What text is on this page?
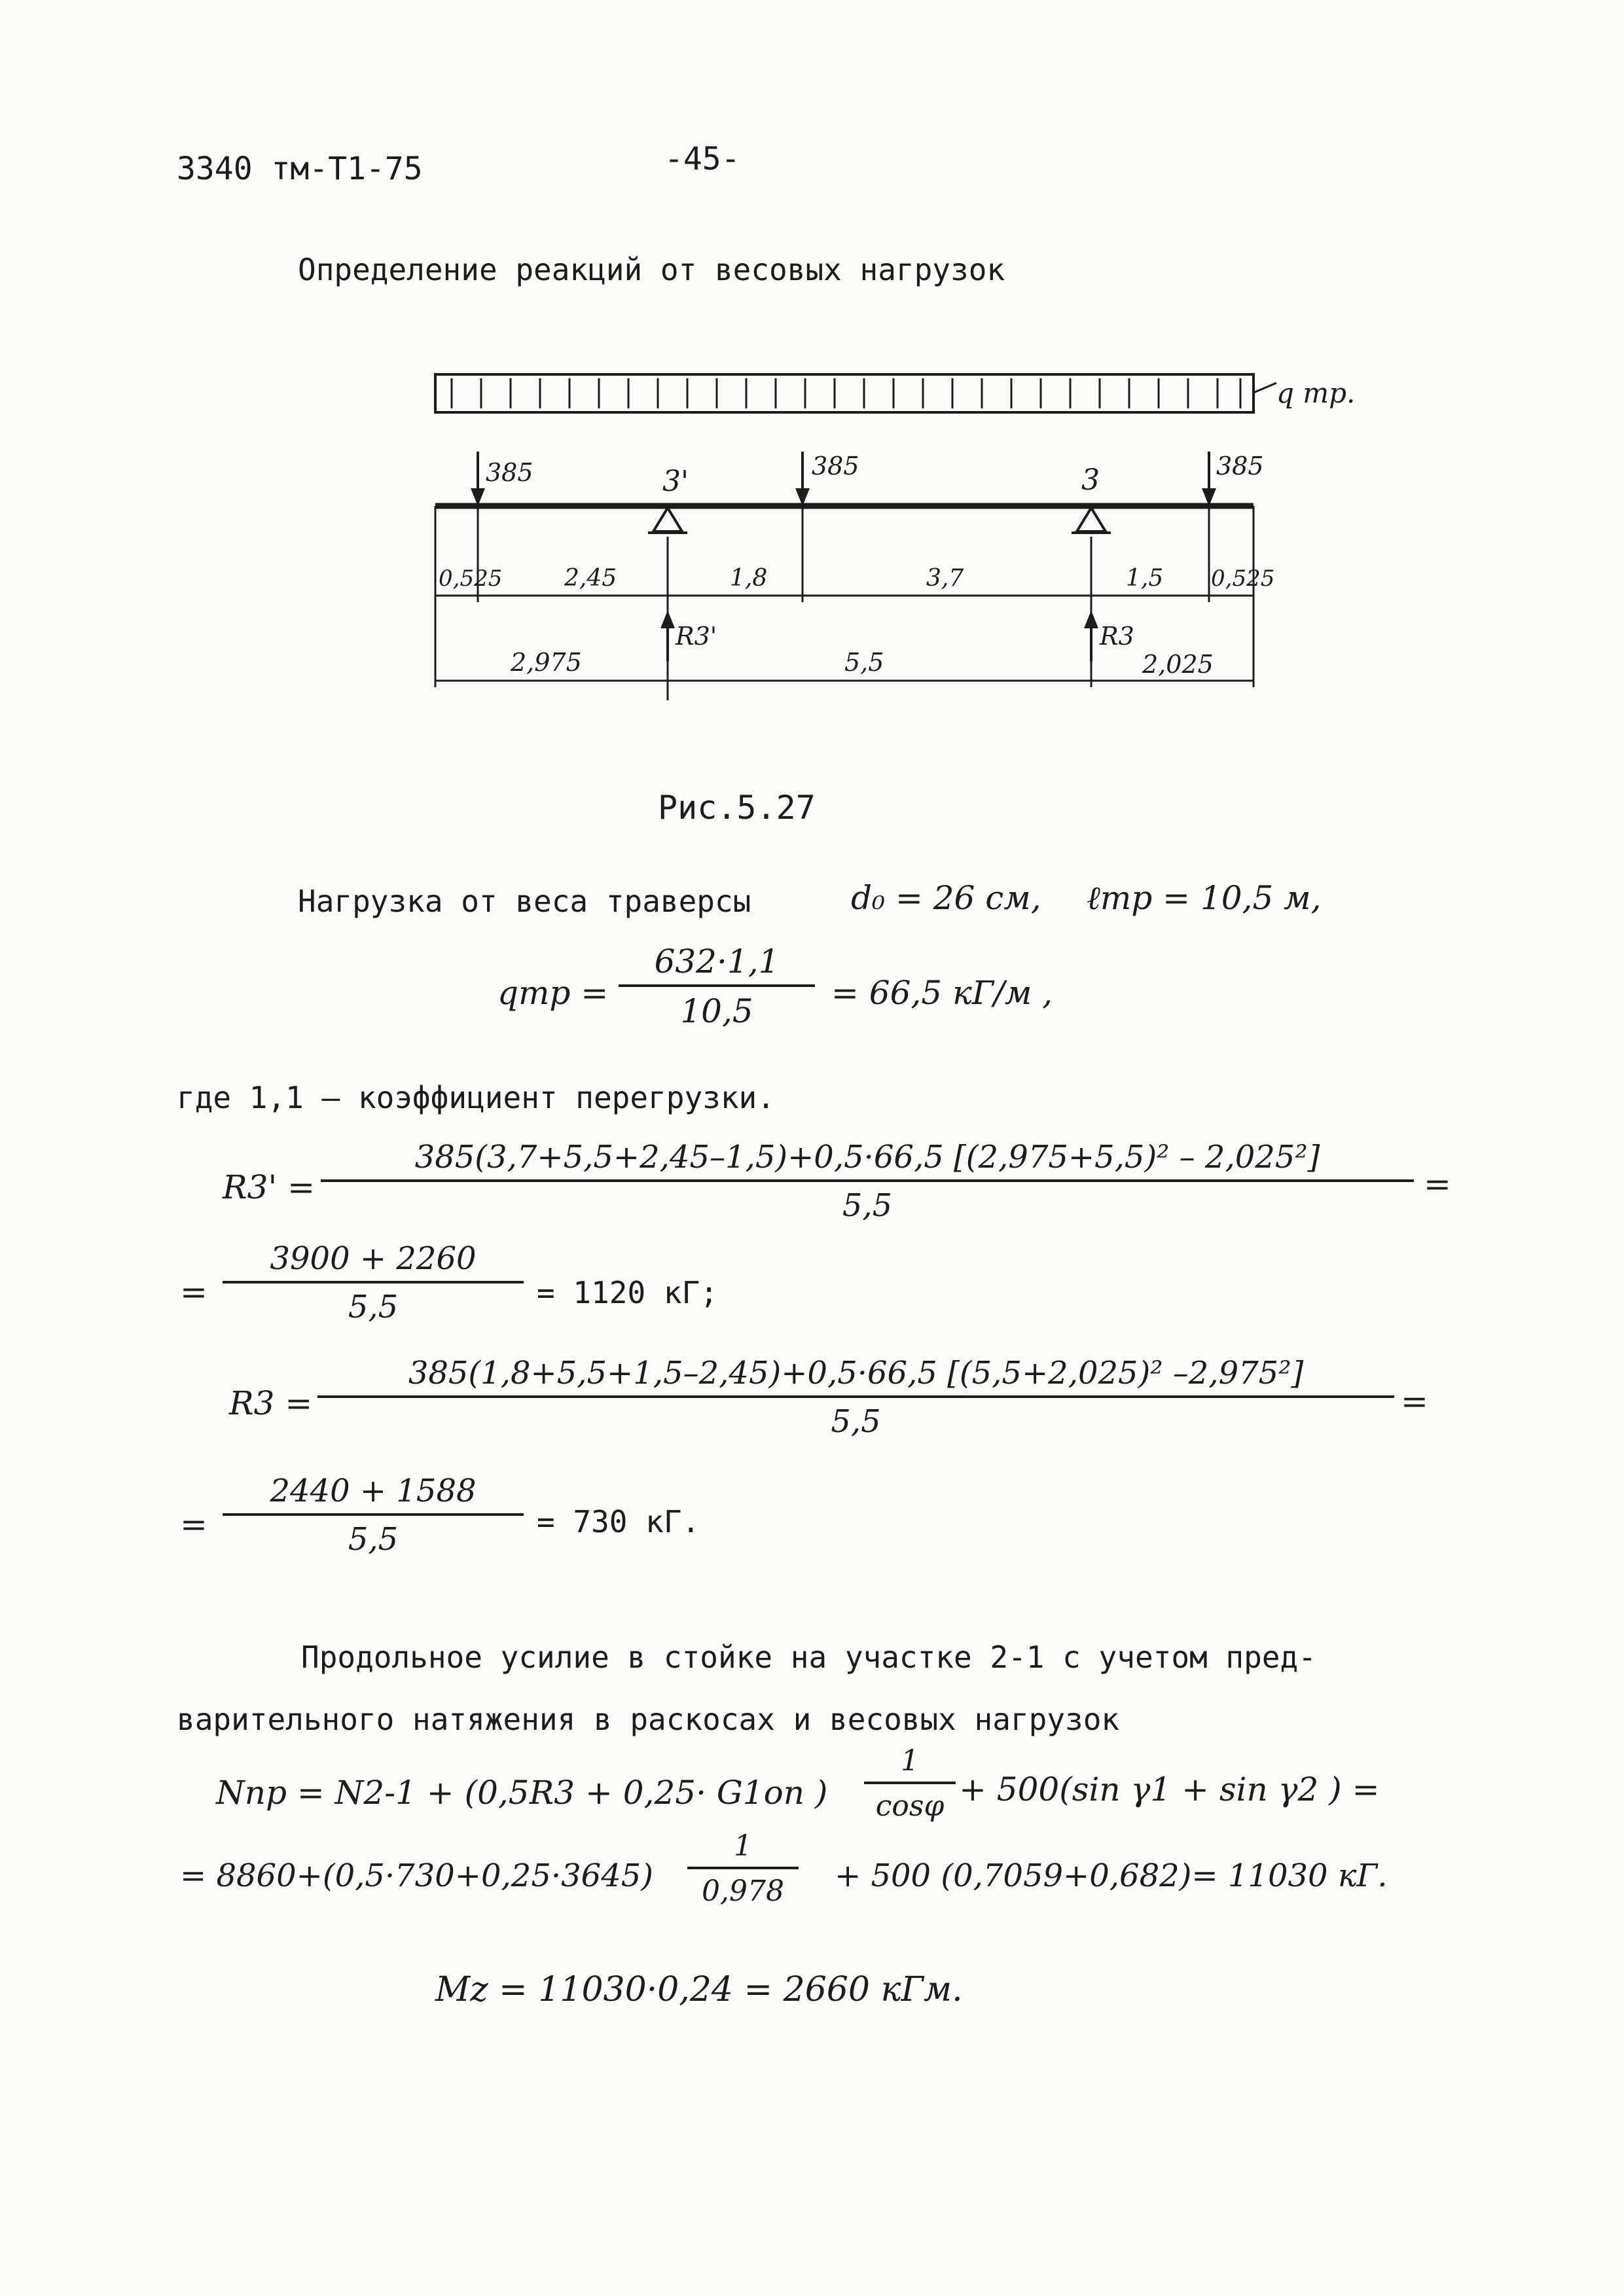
3340 тм-Т1-75	-45-
Определение реакций от весовых нагрузок
q тр.
385	385	385
3'	3
0,525	2,45	1,8	3,7	1,5 0,525
R3'	R3
2,975	5,5	2,025
Рис.5.27
Нагрузка от веса траверсы	d₀ = 26 см, ℓтр = 10,5 м,
qтр = $\frac{632\cdot 1,1}{10,5} = 66,5$ кГ/м ,
где 1,1 – коэффициент перегрузки.
$R3' = \frac{\text{385(3,7+5,5+2,45–1,5)+0,5·66,5 [(2,975+5,5)² – 2,025²]}}{5,5}$ =
= $\frac{3900 + 2260}{5,5} = 1120$ кГ;
$R3 = \frac{\text{385(1,8+5,5+1,5–2,45)+0,5·66,5 [(5,5+2,025)² –2,975²]}}{5,5}$ =
= $\frac{2440 + 1588}{5,5} = 730$ кГ.
Продольное усилие в стойке на участке 2-1 с учетом пред-
варительного натяжения в раскосах и весовых нагрузок
Nпр = N2-1 + (0,5R3 + 0,25· G1оп ) $\frac{1}{\cos\varphi} + 500(\sin$ γ1 + sin γ2 ) =
= $8860+(0,5\cdot 730+0,25\cdot 3645) \frac{1}{0,978} + 500$ (0,7059+0,682)= 11030 кГ.
Mz = 11030·0,24 = 2660 кГм.
